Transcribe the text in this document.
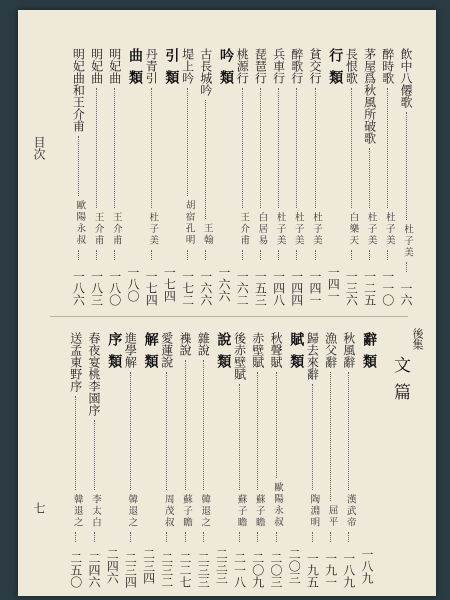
目次
七
後集
文篇
飲中八僊歌
杜子美
一六
醉時歌
杜子美
一一〇
茅屋爲秋風所破歌
杜子美
一二五
長恨歌
白樂天
一三六
行類
一四一
貧交行
杜子美
一四一
醉歌行
杜子美
一四四
兵車行
杜子美
一四八
琵琶行
白居易
一五三
桃源行
王介甫
一六二
吟類
一六六
古長城吟
王翰
一六六
堤上吟
胡宿孔明
一七二
引類
一七四
丹青引
杜子美
一七四
曲類
一八〇
明妃曲
王介甫
一八〇
明妃曲
王介甫
一八三
明妃曲和王介甫
歐陽永叔
一八六
辭類
一八九
秋風辭
漢武帝
一八九
漁父辭
屈平
一九一
歸去來辭
陶淵明
一九五
賦類
二〇三
秋聲賦
歐陽永叔
二〇三
赤壁賦
蘇子瞻
二〇九
後赤壁賦
蘇子瞻
二一八
說類
二三三
雜說
韓退之
二三三
襍說
蘇子瞻
二二七
愛蓮說
周茂叔
二三二
解類
二三四
進學解
韓退之
二三四
序類
二四六
春夜宴桃李園序
李太白
二四六
送孟東野序
韓退之
二五〇
